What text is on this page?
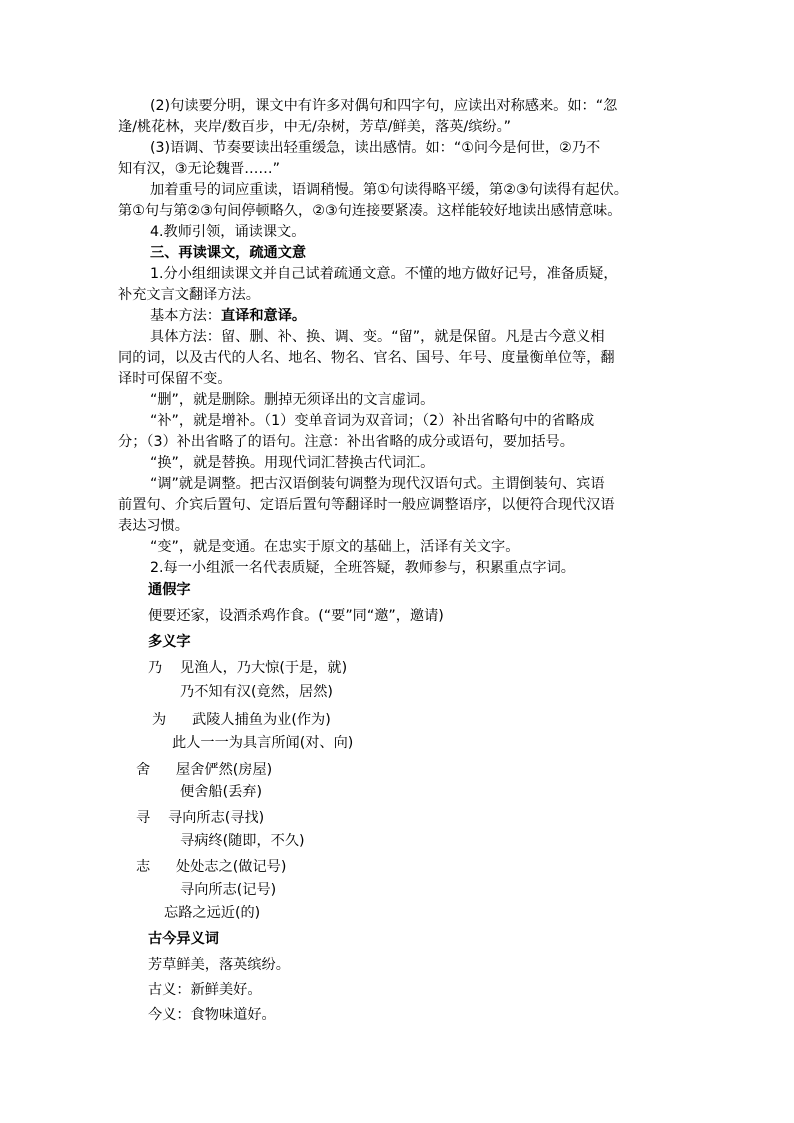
(2)句读要分明，课文中有许多对偶句和四字句，应读出对称感来。如：“忽
逢/桃花林，夹岸/数百步，中无/杂树，芳草/鲜美，落英/缤纷。”
(3)语调、节奏要读出轻重缓急，读出感情。如：“①问今是何世，②乃不
知有汉，③无论魏晋……”
加着重号的词应重读，语调稍慢。第①句读得略平缓，第②③句读得有起伏。
第①句与第②③句间停顿略久，②③句连接要紧凑。这样能较好地读出感情意味。
4.教师引领，诵读课文。
三、再读课文，疏通文意
1.分小组细读课文并自己试着疏通文意。不懂的地方做好记号，准备质疑，
补充文言文翻译方法。
基本方法：直译和意译。
具体方法：留、删、补、换、调、变。“留”，就是保留。凡是古今意义相
同的词，以及古代的人名、地名、物名、官名、国号、年号、度量衡单位等，翻
译时可保留不变。
“删”，就是删除。删掉无须译出的文言虚词。
“补”，就是增补。（1）变单音词为双音词；（2）补出省略句中的省略成
分；（3）补出省略了的语句。注意：补出省略的成分或语句，要加括号。
“换”，就是替换。用现代词汇替换古代词汇。
“调”就是调整。把古汉语倒装句调整为现代汉语句式。主谓倒装句、宾语
前置句、介宾后置句、定语后置句等翻译时一般应调整语序，以便符合现代汉语
表达习惯。
“变”，就是变通。在忠实于原文的基础上，活译有关文字。
2.每一小组派一名代表质疑，全班答疑，教师参与，积累重点字词。
通假字
便要还家，设酒杀鸡作食。(“要”同“邀”，邀请)
多义字
乃 见渔人，乃大惊(于是，就)
乃不知有汉(竟然，居然)
为 武陵人捕鱼为业(作为)
此人一一为具言所闻(对、向)
舍 屋舍俨然(房屋)
便舍船(丢弃)
寻 寻向所志(寻找)
寻病终(随即，不久)
志 处处志之(做记号)
寻向所志(记号)
忘路之远近(的)
古今异义词
芳草鲜美，落英缤纷。
古义：新鲜美好。
今义：食物味道好。
